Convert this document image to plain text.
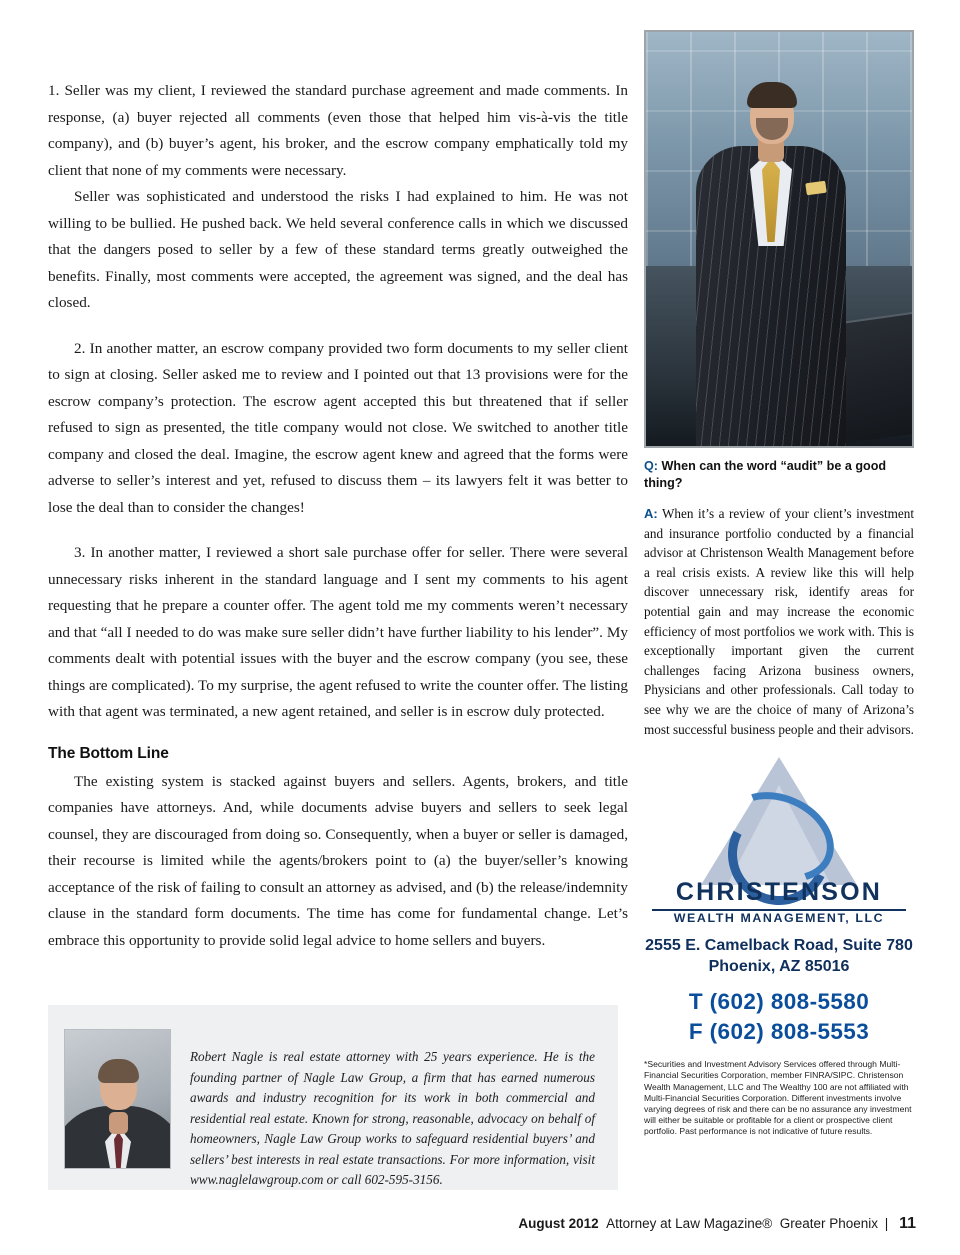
1. Seller was my client, I reviewed the standard purchase agreement and made comments. In response, (a) buyer rejected all comments (even those that helped him vis-à-vis the title company), and (b) buyer’s agent, his broker, and the escrow company emphatically told my client that none of my comments were necessary.

Seller was sophisticated and understood the risks I had explained to him. He was not willing to be bullied. He pushed back. We held several conference calls in which we discussed that the dangers posed to seller by a few of these standard terms greatly outweighed the benefits. Finally, most comments were accepted, the agreement was signed, and the deal has closed.

2. In another matter, an escrow company provided two form documents to my seller client to sign at closing. Seller asked me to review and I pointed out that 13 provisions were for the escrow company’s protection. The escrow agent accepted this but threatened that if seller refused to sign as presented, the title company would not close. We switched to another title company and closed the deal. Imagine, the escrow agent knew and agreed that the forms were adverse to seller’s interest and yet, refused to discuss them – its lawyers felt it was better to lose the deal than to consider the changes!

3. In another matter, I reviewed a short sale purchase offer for seller. There were several unnecessary risks inherent in the standard language and I sent my comments to his agent requesting that he prepare a counter offer. The agent told me my comments weren’t necessary and that “all I needed to do was make sure seller didn’t have further liability to his lender”. My comments dealt with potential issues with the buyer and the escrow company (you see, these things are complicated). To my surprise, the agent refused to write the counter offer. The listing with that agent was terminated, a new agent retained, and seller is in escrow duly protected.

The Bottom Line

The existing system is stacked against buyers and sellers. Agents, brokers, and title companies have attorneys. And, while documents advise buyers and sellers to seek legal counsel, they are discouraged from doing so. Consequently, when a buyer or seller is damaged, their recourse is limited while the agents/brokers point to (a) the buyer/seller’s knowing acceptance of the risk of failing to consult an attorney as advised, and (b) the release/indemnity clause in the standard form documents. The time has come for fundamental change. Let’s embrace this opportunity to provide solid legal advice to home sellers and buyers.

Robert Nagle is real estate attorney with 25 years experience. He is the founding partner of Nagle Law Group, a firm that has earned numerous awards and industry recognition for its work in both commercial and residential real estate. Known for strong, reasonable, advocacy on behalf of homeowners, Nagle Law Group works to safeguard residential buyers’ and sellers’ best interests in real estate transactions. For more information, visit www.naglelawgroup.com or call 602-595-3156.
Q: When can the word “audit” be a good thing?
A: When it’s a review of your client’s investment and insurance portfolio conducted by a financial advisor at Christenson Wealth Management before a real crisis exists. A review like this will help discover unnecessary risk, identify areas for potential gain and may increase the economic efficiency of most portfolios we work with. This is exceptionally important given the current challenges facing Arizona business owners, Physicians and other professionals. Call today to see why we are the choice of many of Arizona’s most successful business people and their advisors.
CHRISTENSON
WEALTH MANAGEMENT, LLC
2555 E. Camelback Road, Suite 780
Phoenix, AZ 85016
T (602) 808-5580
F (602) 808-5553
*Securities and Investment Advisory Services offered through Multi-Financial Securities Corporation, member FINRA/SIPC. Christenson Wealth Management, LLC and The Wealthy 100 are not affiliated with Multi-Financial Securities Corporation. Different investments involve varying degrees of risk and there can be no assurance any investment will either be suitable or profitable for a client or prospective client portfolio. Past performance is not indicative of future results.
August 2012 Attorney at Law Magazine® Greater Phoenix | 11
